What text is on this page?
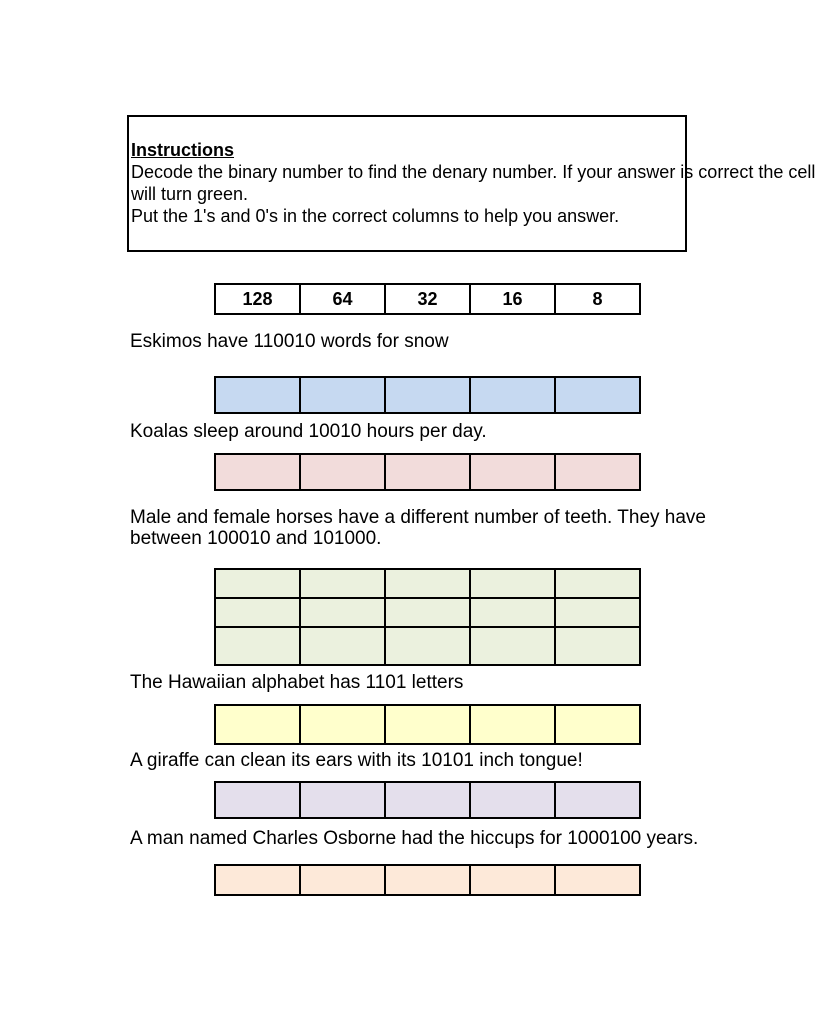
Instructions
Decode the binary number to find the denary number. If your answer is correct the cell
will turn green.
Put the 1's and 0's in the correct columns to help you answer.
128	64	32	16	8
Eskimos have 110010 words for snow

Koalas sleep around 10010 hours per day.

Male and female horses have a different number of teeth. They have
between 100010 and 101000.

The Hawaiian alphabet has 1101 letters

A giraffe can clean its ears with its 10101 inch tongue!

A man named Charles Osborne had the hiccups for 1000100 years.
